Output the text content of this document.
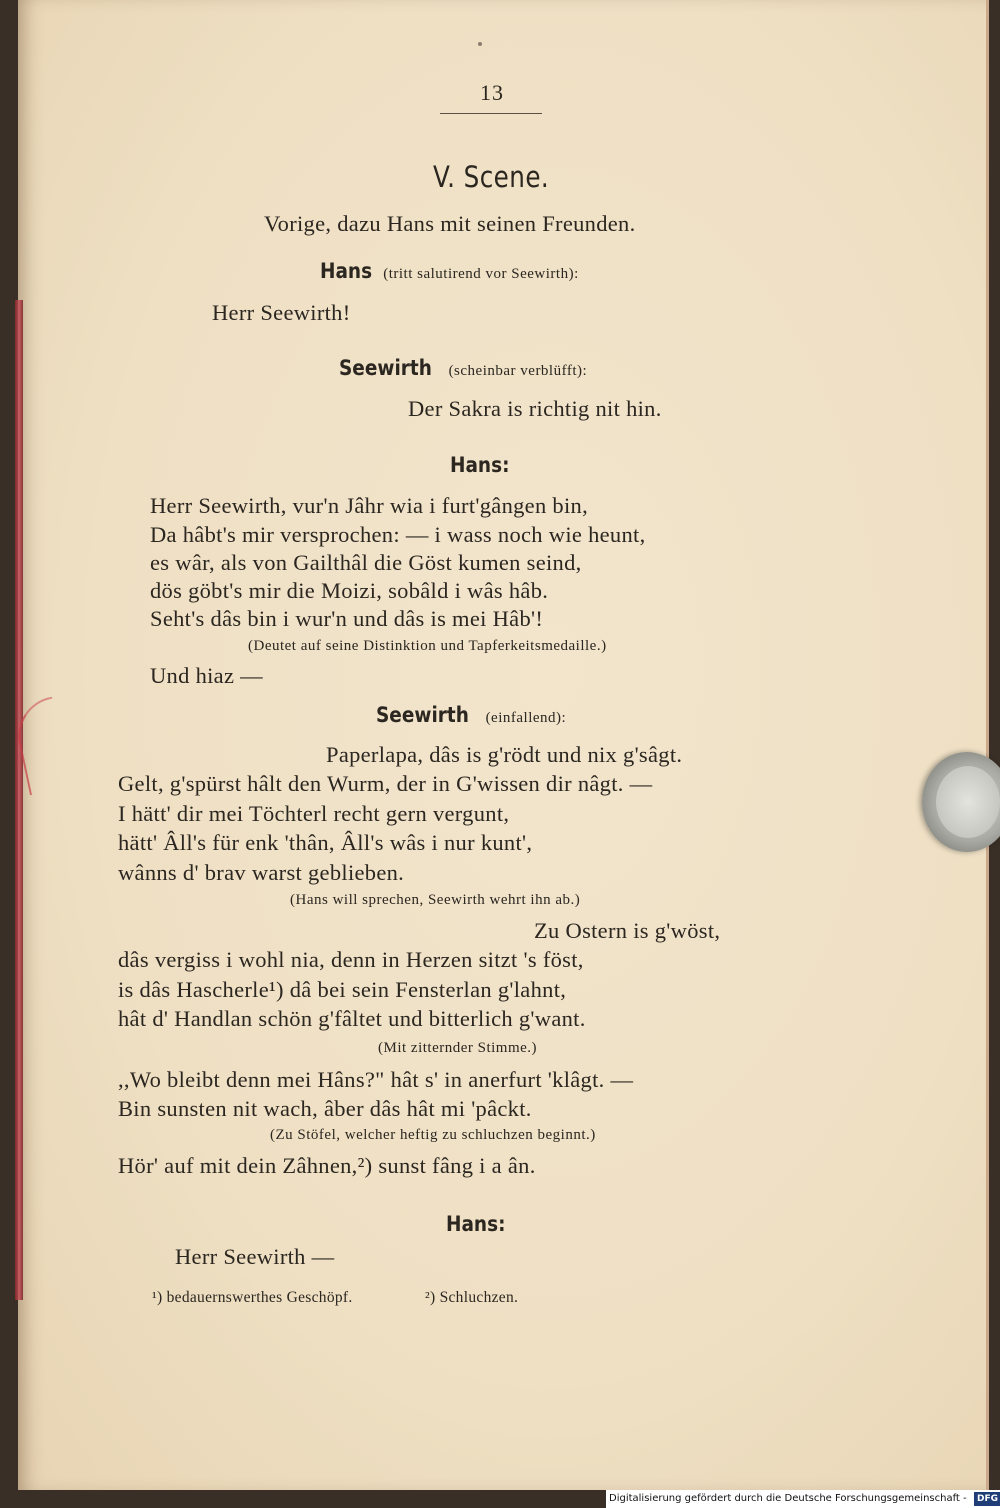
13
V. Scene.
Vorige, dazu Hans mit seinen Freunden.
Hans (tritt salutirend vor Seewirth):
Herr Seewirth!
Seewirth (scheinbar verblüfft):
Der Sakra is richtig nit hin.
Hans:
Herr Seewirth, vur'n Jâhr wia i furt'gângen bin,
Da hâbt's mir versprochen: — i wass noch wie heunt,
es wâr, als von Gailthâl die Göst kumen seind,
dös göbt's mir die Moizi, sobâld i wâs hâb.
Seht's dâs bin i wur'n und dâs is mei Hâb'!
(Deutet auf seine Distinktion und Tapferkeitsmedaille.)
Und hiaz —
Seewirth (einfallend):
Paperlapa, dâs is g'rödt und nix g'sâgt.
Gelt, g'spürst hâlt den Wurm, der in G'wissen dir nâgt. —
I hätt' dir mei Töchterl recht gern vergunt,
hätt' Âll's für enk 'thân, Âll's wâs i nur kunt',
wânns d' brav warst geblieben.
(Hans will sprechen, Seewirth wehrt ihn ab.)
Zu Ostern is g'wöst,
dâs vergiss i wohl nia, denn in Herzen sitzt 's föst,
is dâs Hascherle¹) dâ bei sein Fensterlan g'lahnt,
hât d' Handlan schön g'fâltet und bitterlich g'want.
(Mit zitternder Stimme.)
,,Wo bleibt denn mei Hâns?" hât s' in anerfurt 'klâgt. —
Bin sunsten nit wach, âber dâs hât mi 'pâckt.
(Zu Stöfel, welcher heftig zu schluchzen beginnt.)
Hör' auf mit dein Zâhnen,²) sunst fâng i a ân.
Hans:
Herr Seewirth —
¹) bedauernswerthes Geschöpf.	²) Schluchzen.
Digitalisierung gefördert durch die Deutsche Forschungsgemeinschaft -	DFG
